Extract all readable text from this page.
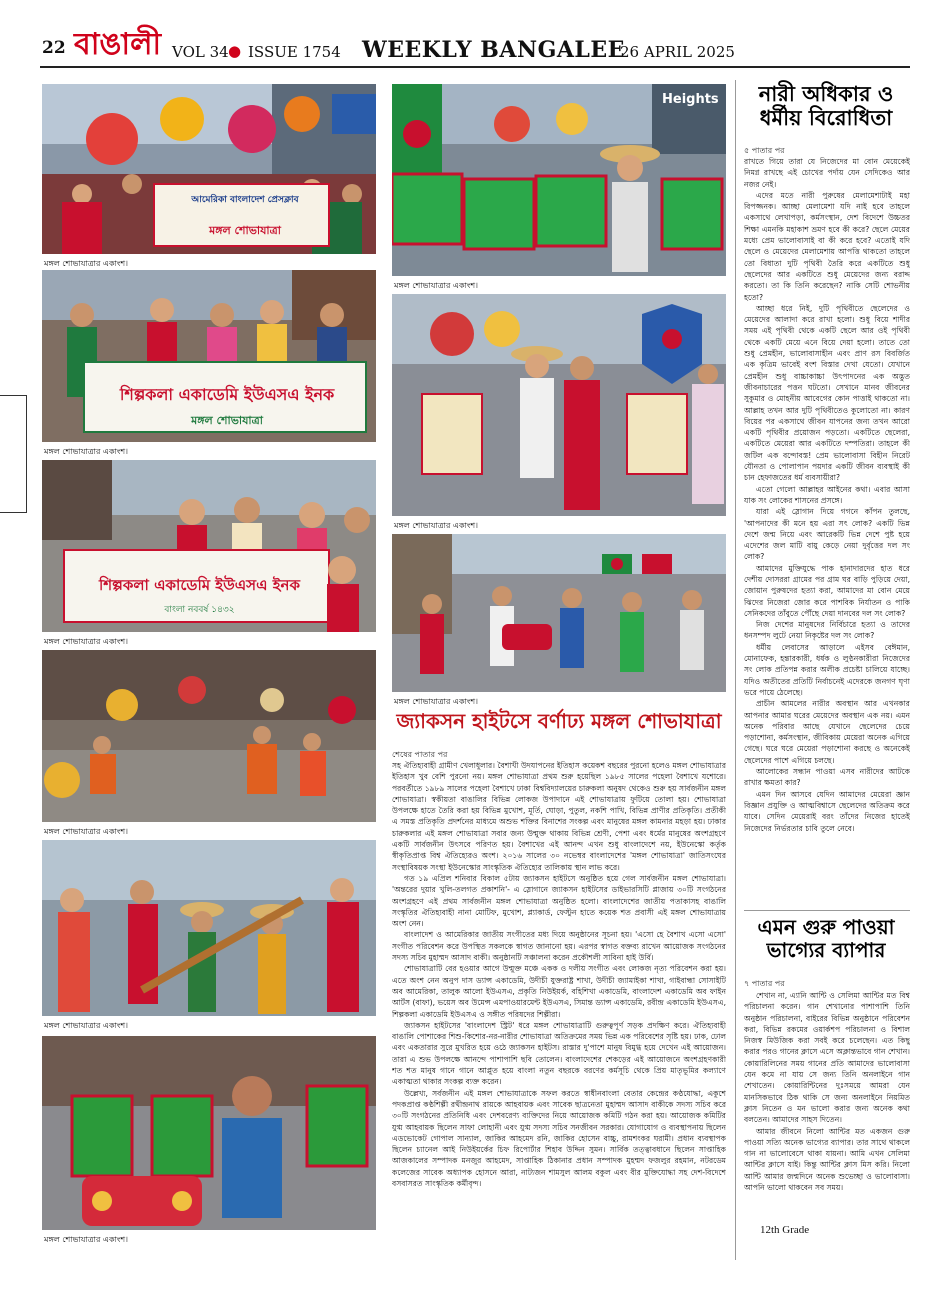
22 বাঙালী VOL 34 ● ISSUE 1754 WEEKLY BANGALEE
26 APRIL 2025
আমেরিকা বাংলাদেশ প্রেসক্লাব
মঙ্গল শোভাযাত্রা
মঙ্গল শোভাযাত্রার একাংশ।
শিল্পকলা একাডেমি ইউএসএ ইনক
মঙ্গল শোভাযাত্রা
মঙ্গল শোভাযাত্রার একাংশ।
শিল্পকলা একাডেমি ইউএসএ ইনক
বাংলা নববর্ষ ১৪৩২
মঙ্গল শোভাযাত্রার একাংশ।
মঙ্গল শোভাযাত্রার একাংশ।
মঙ্গল শোভাযাত্রার একাংশ।
মঙ্গল শোভাযাত্রার একাংশ।
Heights
মঙ্গল শোভাযাত্রার একাংশ।
মঙ্গল শোভাযাত্রার একাংশ।
মঙ্গল শোভাযাত্রার একাংশ।
জ্যাকসন হাইটসে বর্ণাঢ্য মঙ্গল শোভাযাত্রা
শেষের পাতার পর

সহ ঐতিহ্যবাহী গ্রামীণ খেলাধুলার। বৈশাখী উদযাপনের ইতিহাস কয়েকশ বছরের পুরনো হলেও মঙ্গল শোভাযাত্রার ইতিহাস খুব বেশি পুরনো নয়। মঙ্গল শোভাযাত্রা প্রথম শুরু হয়েছিল ১৯৮৫ সালের পহেলা বৈশাখে যশোরে। পরবর্তীতে ১৯৮৯ সালের পহেলা বৈশাখে ঢাকা বিশ্ববিদ্যালয়ের চারুকলা অনুষদ থেকেও শুরু হয় সার্বজনীন মঙ্গল শোভাযাত্রা। স্বকীয়তা বাঙালির বিভিন্ন লোকজ উপাদানে এই শোভাযাত্রায় ফুটিয়ে তোলা হয়। শোভাযাত্রা উপলক্ষে হাতে তৈরি করা হয় বিভিন্ন মুখোশ, মূর্তি, ঘোড়া, পুতুল, নকশি পাখি, বিভিন্ন প্রাণীর প্রতিকৃতি। প্রতীকী এ সমস্ত প্রতিকৃতি প্রদর্শনের মাধ্যমে অশুভ শক্তির বিনাশের সংকল্প এবং মানুষের মঙ্গল কামনার মহড়া হয়। ঢাকার চারুকলার এই মঙ্গল শোভাযাত্রা সবার জন্য উন্মুক্ত থাকায় বিভিন্ন শ্রেণী, পেশা এবং ধর্মের মানুষের অংশগ্রহণে একটি সার্বজনীন উৎসবে পরিণত হয়। বৈশাখের এই আনন্দ এখন শুধু বাংলাদেশে নয়, ইউনেস্কো কর্তৃক স্বীকৃতিপ্রাপ্ত বিশ্ব ঐতিহ্যেরও অংশ। ২০১৬ সালের ৩০ নভেম্বর বাংলাদেশের 'মঙ্গল শোভাযাত্রা' জাতিসংঘের সংস্থাবিষয়ক সংস্থা ইউনেস্কোর সাংস্কৃতিক ঐতিহ্যের তালিকায় স্থান লাভ করে।

গত ১৯ এপ্রিল শনিবার বিকাল ৫টায় জ্যাকসন হাইটসে অনুষ্ঠিত হয়ে গেল সার্বজনীন মঙ্গল শোভাযাত্রা। 'অন্তরের দুয়ার খুলি-তলগত প্রকাশনি'- এ স্লোগানে জ্যাকসন হাইটসের ডাইভারসিটি প্লাজায় ৩০টি সংগঠনের অংশগ্রহণে এই প্রথম সার্বজনীন মঙ্গল শোভাযাত্রা অনুষ্ঠিত হলো। বাংলাদেশের জাতীয় পতাকাসহ বাঙালি সংস্কৃতির ঐতিহ্যবাহী নানা মোটিফ, মুখোশ, প্ল্যাকার্ড, ফেস্টুন হাতে কয়েক শত প্রবাসী এই মঙ্গল শোভাযাত্রায় অংশ নেন।

বাংলাদেশ ও আমেরিকার জাতীয় সংগীতের মধ্য দিয়ে অনুষ্ঠানের সূচনা হয়। 'এসো হে বৈশাখ এসো এসো' সংগীত পরিবেশন করে উপস্থিত সকলকে স্বাগত জানানো হয়। এরপর স্বাগত বক্তব্য রাখেন আয়োজক সংগঠনের সদস্য সচিব মুহাম্মদ আসাদ বাকী। অনুষ্ঠানটি সঞ্চালনা করেন প্রকৌশলী সাবিনা হাই উর্বি।

শোভাযাত্রাটি বের হওয়ার আগে উন্মুক্ত মঞ্চে একক ও দলীয় সংগীত এবং লোকজ নৃত্য পরিবেশন করা হয়। এতে অংশ নেন অনুপ দাস ড্যান্স একাডেমি, উদীচী যুক্তরাষ্ট্র শাখা, উদীচী জ্যামাইকা শাখা, গাইবান্ধা সোসাইটি অব আমেরিকা, তালুক আলো ইউএসএ, প্রকৃতি নিউইয়র্ক, বহিশিখা একাডেমি, বাংলাদেশ একাডেমি অব ফাইন আর্টস (বাফা), ভয়েস অব উমেন্স এমপাওয়ারমেন্ট ইউএসএ, সিমান্ত ড্যান্স একাডেমি, রবীন্দ্র একাডেমি ইউএসএ, শিল্পকলা একাডেমি ইউএসএ ও সঙ্গীত পরিষদের শিল্পীরা।

জ্যাকসন হাইটসের 'বাংলাদেশ স্ট্রিট' ধরে মঙ্গল শোভাযাত্রাটি গুরুত্বপূর্ণ সড়ক প্রদক্ষিণ করে। ঐতিহ্যবাহী বাঙালি পোশাকের শিশু-কিশোর-নর-নারীর শোভাযাত্রা অতিক্রমের সময় ভিন্ন এক পরিবেশের সৃষ্টি হয়। ঢাক, ঢোল এবং একতারার সুরে মুখরিত হয়ে ওঠে জ্যাকসন হাইটস। রাস্তার দু'পাশে মানুষ বিমুগ্ধ হয়ে দেখেন এই আয়োজন। তারা এ শুভ উপলক্ষে আনন্দে পাশাপাশি ছবি তোলেন। বাংলাদেশের শেকড়ের এই আয়োজনে অংশগ্রহণকারী শত শত মানুষ গানে গানে আপ্লুত হয়ে বাংলা নতুন বছরকে বরণের কর্মসূচি থেকে প্রিয় মাতৃভূমির কল্যাণে একাত্মতা থাকার সংকল্প ব্যক্ত করেন।

উল্লেখ্য, সর্বজনীন এই মঙ্গল শোভাযাত্রাকে সফল করতে স্বাধীনবাংলা বেতার কেন্দ্রের কণ্ঠযোদ্ধা, একুশে পদকপ্রাপ্ত কণ্ঠশিল্পী রথীন্দ্রনাথ রায়কে আহবায়ক এবং সাবেক ছাত্রনেতা মুহাম্মদ আসাদ বাকীকে সদস্য সচিব করে ৩০টি সংগঠনের প্রতিনিধি এবং দেশবরেণ্য ব্যক্তিদের নিয়ে আয়োজক কমিটি গঠন করা হয়। আয়োজক কমিটির যুগ্ম আহবায়ক ছিলেন সাফা লোহানী এবং যুগ্ম সদস্য সচিব সনজীবন সরকার। যোগাযোগ ও ব্যবস্থাপনায় ছিলেন এডভোকেট গোপাল সান্যাল, জাকির আহমেদ রনি, জাকির হোসেন বাচ্চু, রামশংকর ঘরামী। প্রধান ব্যবস্থাপক ছিলেন চ্যানেল আই নিউইয়র্কের চিফ রিপোর্টার শিহাব উদ্দিন সুমন। সার্বিক তত্ত্বাবধানে ছিলেন সাপ্তাহিক আজকালের সম্পাদক মনজুর আহমেদ, সাপ্তাহিক ঠিকানার প্রধান সম্পাদক মুহম্মদ ফজলুর রহমান, নটরডেম কলেজের সাবেক অধ্যাপক হোসনে আরা, নাট্যজন শামসুল আলম বকুল এবং বীর মুক্তিযোদ্ধা সহ দেশ-বিদেশে বসবাসরত সাংস্কৃতিক কর্মীবৃন্দ।

নারী অধিকার ও
ধর্মীয় বিরোধিতা
৫ পাতার পর

রাখতে গিয়ে তারা যে নিজেদের মা বোন মেয়েকেই নিমগ্ন রাখছে এই চোখের পর্দায় যেন সেদিকেও আর নজর নেই।

এদের মতে নারী পুরুষের মেলামেশাটাই মহা বিপজ্জনক। আচ্ছা মেলামেশা যদি নাই হবে তাহলে একসাথে লেখাপড়া, কর্মসংস্থান, দেশ বিদেশে উচ্চতর শিক্ষা এমনকি মহাকাশ ভ্রমণ হবে কী করে? ছেলে মেয়ের মধ্যে প্রেম ভালোবাসাই বা কী করে হবে? এতোই যদি ছেলে ও মেয়েদের মেলামেশায় আপত্তি থাকতো তাহলে তো বিধাতা দুটি পৃথিবী তৈরি করে একটিতে শুধু ছেলেদের আর একটিতে শুধু মেয়েদের জন্য বরাদ্দ করতো। তা কি তিনি করেছেন? নাকি সেটি শোভনীয় হতো?

আচ্ছা ধরে নিই, দুটি পৃথিবীতে ছেলেদের ও মেয়েদের আলাদা করে রাখা হলো। শুধু বিয়ে শাদীর সময় এই পৃথিবী থেকে একটি ছেলে আর ওই পৃথিবী থেকে একটি মেয়ে এনে বিয়ে দেয়া হলো। তাতে তো শুধু প্রেমহীন, ভালোবাসাহীন এবং প্রাণ রস বিবর্জিত এক কৃত্রিম ভাবেই বংশ বিস্তার দেখা যেতো। যেখানে প্রেমহীন শুধু বাচ্চাকাচ্চা উৎপাদনের এক অদ্ভুত জীবনাচারের পত্তন ঘটতো। সেখানে মানব জীবনের সুকুমার ও মোহনীয় আবেগের কোন পাত্তাই থাকতো না। আল্লাহ তখন আর দুটি পৃথিবীতেও কুলোতো না। কারণ বিয়ের পর একসাথে জীবন যাপনের জন্য তখন আরো একটি পৃথিবীর প্রয়োজন পড়তো। একটিতে ছেলেরা, একটিতে মেয়েরা আর একটিতে দম্পতিরা। তাহলে কী জটিল এক বন্দোবস্ত! প্রেম ভালোবাসা বিহীন নিরেট যৌনতা ও পোলাপান পয়দার একটি জীবন ব্যবস্থাই কী চান হেফাজতের ধর্ম ব্যবসায়ীরা?

এতো গেলো আল্লাহর আইনের কথা। এবার আসা যাক সং লোকের শাসনের প্রসঙ্গে।

যারা এই স্লোগান দিয়ে গগনে কাঁপন তুলছে, 'আপনাদের কী মনে হয় এরা সৎ লোক? একটি ভিন্ন দেশে জন্ম নিয়ে এবং আরেকটি ভিন্ন দেশে পুষ্ট হয়ে এদেশের জল মাটি বায়ু কেড়ে নেয়া দুর্বৃত্তের দল সং লোক?

আমাদের মুক্তিযুদ্ধে পাক হানাদারদের হাত ধরে দেশীয় দোসররা গ্রামের পর গ্রাম ঘর বাড়ি পুড়িয়ে দেয়া, জোয়ান পুরুষদের হত্যা করা, আমাদের মা বোন মেয়ে ঝিদের নিজেরা জোর করে পাশবিক নির্যাতন ও পাকি সেনিকদের তাঁবুতে পৌঁছে দেয়া দানবের দল সং লোক?

নিজ দেশের মানুষদের নির্বিচারে হত্যা ও তাদের ধনসম্পদ লুটে নেয়া নিকৃষ্টের দল সং লোক?

ধর্মীয় লেবাসের আড়ালে এইসব বেঈমান, মোনাফেক, হন্তারকারী, ধর্ষক ও লুণ্ঠনকারীরা নিজেদের সং লোক প্রতিপন্ন করার অলীক প্রচেষ্টা চালিয়ে যাচ্ছে। যদিও অতীতের প্রতিটি নির্বাচনেই এদেরকে জনগণ ঘৃণা ভরে পায়ে ঠেলেছে।

প্রাচীন আমলের নারীর অবস্থান আর এখনকার আপনার আমার ঘরের মেয়েদের অবস্থান এক নয়। এমন অনেক পরিবার আছে যেখানে ছেলেদের চেয়ে পড়াশোনা, কর্মসংস্থান, জীবিকায় মেয়েরা অনেক এগিয়ে গেছে। ঘরে ঘরে মেয়েরা পড়াশোনা করছে ও অনেকেই ছেলেদের পাশে এগিয়ে চলছে।

আলোকের সন্ধান পাওয়া এসব নারীদের আটকে রাখার ক্ষমতা কার?

এমন দিন আসবে যেদিন আমাদের মেয়েরা জ্ঞান বিজ্ঞান প্রযুক্তি ও আত্মবিশ্বাসে ছেলেদের অতিক্রম করে যাবে। সেদিন মেয়েরাই বরং তাঁদের নিজের হাতেই নিজেদের নির্ভরতার চাবি তুলে নেবে।

এমন গুরু পাওয়া
ভাগ্যের ব্যাপার
৭ পাতার পর

শেখান না, এ্যানি আন্টি ও সেলিমা আন্টির মত বিশ্ব পরিচালনা করেন। গান শেখানোর পাশাপাশি তিনি অনুষ্ঠান পরিচালনা, বাইরের বিভিন্ন অনুষ্ঠানে পরিবেশন করা, বিভিন্ন রকমের ওয়ার্কশপ পরিচালনা ও বিশাল নিজস্ব মিউজিক করা সবই করে চলেছেন। এত কিছু করার পরও গানের ক্লাসে এসে অক্লান্তভাবে গান শেখান। কোয়ারিলিনের সময় গানের প্রতি আমাদের ভালোবাসা যেন কমে না যায় সে জন্য তিনি অনলাইনে গান শেখাতেন। কোয়ারিন্টিনের দুঃসময়ে আমরা যেন মানসিকভাবে ঠিক থাকি সে জন্য অনলাইনে নিয়মিত ক্লাস নিতেন ও মন ভালো করার জন্য অনেক কথা বলতেন। আমাদের সাহস দিতেন।

আমার জীবনে নিলো আন্টির মত একজন গুরু পাওয়া সত্যি অনেক ভাগ্যের ব্যাপার। তার সাথে থাকলে গান না ভালোবেসে থাকা যায়না। আমি এখন সেলিমা আন্টির ক্লাসে যাই। কিন্তু আন্টির ক্লাস মিস করি। নিলো আন্টি আমার জন্মদিনে অনেক শুভেচ্ছা ও ভালোবাসা। আপনি ভালো থাকবেন সব সময়।

12th Grade
